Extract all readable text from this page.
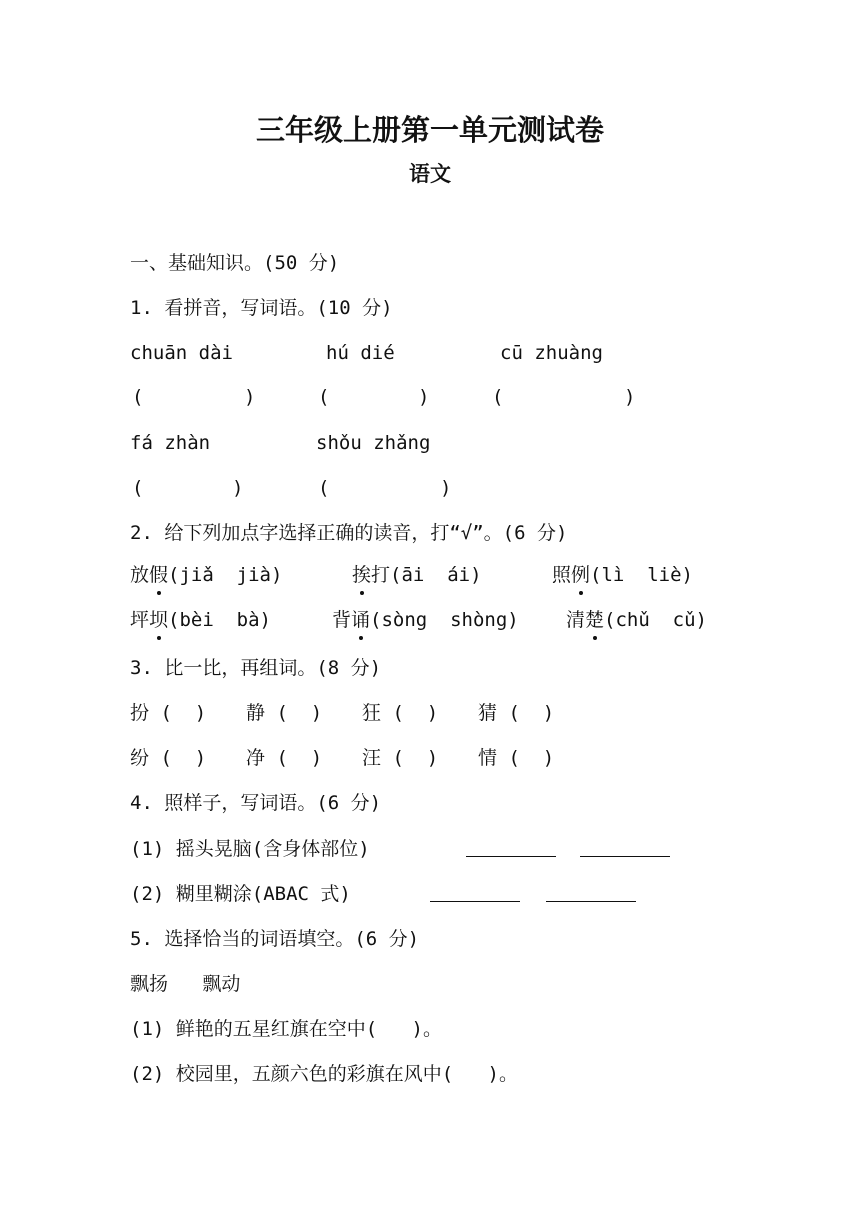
三年级上册第一单元测试卷
语文
一、基础知识。(50 分)
1. 看拼音，写词语。(10 分)
chuān dài	hú dié	cū zhuàng
(	)	(	)	(	)
fá zhàn	shǒu zhǎng
(	)	(	)
2. 给下列加点字选择正确的读音，打“√”。(6 分)
放假(jiǎ  jià)	挨打(āi  ái)	照例(lì  liè)
坪坝(bèi  bà)	背诵(sòng  shòng) 清楚(chǔ  cǔ)
3. 比一比，再组词。(8 分)
扮 (  ) 静 (  ) 狂 (  ) 猜 (  )
纷 (  ) 净 (  ) 汪 (  ) 情 (  )
4. 照样子，写词语。(6 分)
(1) 摇头晃脑(含身体部位)
(2) 糊里糊涂(ABAC 式)
5. 选择恰当的词语填空。(6 分)
飘扬   飘动
(1) 鲜艳的五星红旗在空中(   )。
(2) 校园里，五颜六色的彩旗在风中(   )。
